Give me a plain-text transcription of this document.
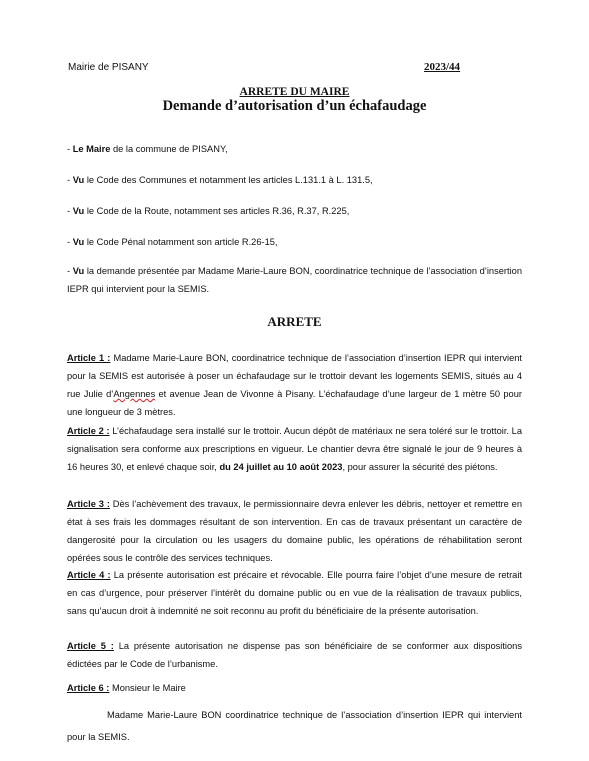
Mairie de PISANY	2023/44
ARRETE DU MAIRE
Demande d’autorisation d’un échafaudage
- Le Maire de la commune de PISANY,
- Vu le Code des Communes et notamment les articles L.131.1 à L. 131.5,
- Vu le Code de la Route, notamment ses articles R.36, R.37, R.225,
- Vu le Code Pénal notamment son article R.26-15,
- Vu la demande présentée par Madame Marie-Laure BON, coordinatrice technique de l’association d’insertion IEPR qui intervient pour la SEMIS.
ARRETE
Article 1 : Madame Marie-Laure BON, coordinatrice technique de l’association d’insertion IEPR qui intervient pour la SEMIS est autorisée à poser un échafaudage sur le trottoir devant les logements SEMIS, situés au 4 rue Julie d’Angennes et avenue Jean de Vivonne à Pisany. L’échafaudage d’une largeur de 1 mètre 50 pour une longueur de 3 mètres.
Article 2 : L’échafaudage sera installé sur le trottoir. Aucun dépôt de matériaux ne sera toléré sur le trottoir. La signalisation sera conforme aux prescriptions en vigueur. Le chantier devra être signalé le jour de 9 heures à 16 heures 30, et enlevé chaque soir, du 24 juillet au 10 août 2023, pour assurer la sécurité des piétons.
Article 3 : Dès l’achèvement des travaux, le permissionnaire devra enlever les débris, nettoyer et remettre en état à ses frais les dommages résultant de son intervention. En cas de travaux présentant un caractère de dangerosité pour la circulation ou les usagers du domaine public, les opérations de réhabilitation seront opérées sous le contrôle des services techniques.
Article 4 : La présente autorisation est précaire et révocable. Elle pourra faire l’objet d’une mesure de retrait en cas d’urgence, pour préserver l’intérêt du domaine public ou en vue de la réalisation de travaux publics, sans qu’aucun droit à indemnité ne soit reconnu au profit du bénéficiaire de la présente autorisation.
Article 5 : La présente autorisation ne dispense pas son bénéficiaire de se conformer aux dispositions édictées par le Code de l’urbanisme.
Article 6 : Monsieur le Maire
Madame Marie-Laure BON coordinatrice technique de l’association d’insertion IEPR qui intervient pour la SEMIS.
